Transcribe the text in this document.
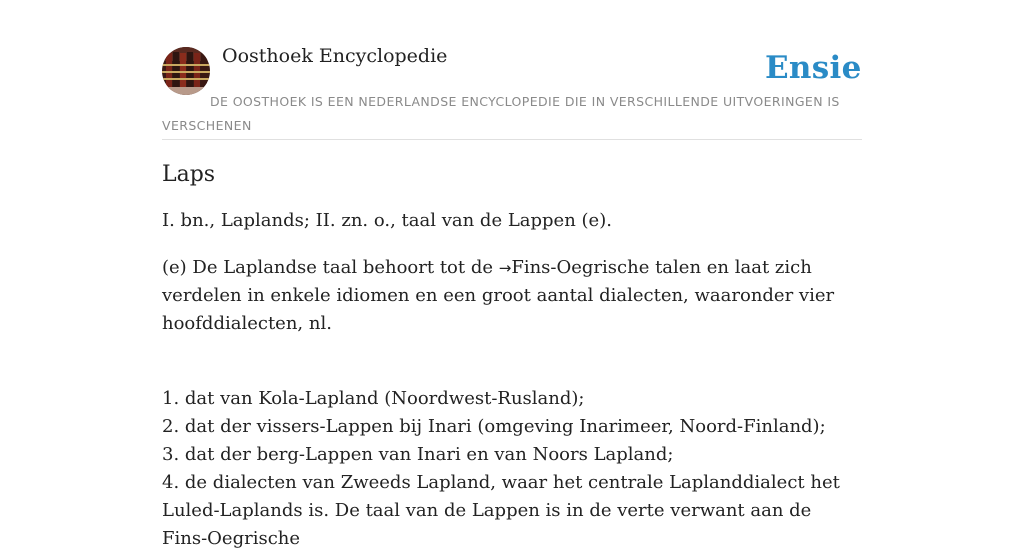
Oosthoek Encyclopedie	Ensie
DE OOSTHOEK IS EEN NEDERLANDSE ENCYCLOPEDIE DIE IN VERSCHILLENDE UITVOERINGEN IS VERSCHENEN
Laps

I. bn., Laplands; II. zn. o., taal van de Lappen (e).

(e) De Laplandse taal behoort tot de →Fins-Oegrische talen en laat zich verdelen in enkele idiomen en een groot aantal dialecten, waaronder vier hoofddialecten, nl.

1. dat van Kola-Lapland (Noordwest-Rusland);
2. dat der vissers-Lappen bij Inari (omgeving Inarimeer, Noord-Finland);
3. dat der berg-Lappen van Inari en van Noors Lapland;
4. de dialecten van Zweeds Lapland, waar het centrale Laplanddialect het Luled-Laplands is. De taal van de Lappen is in de verte verwant aan de Fins-Oegrische
